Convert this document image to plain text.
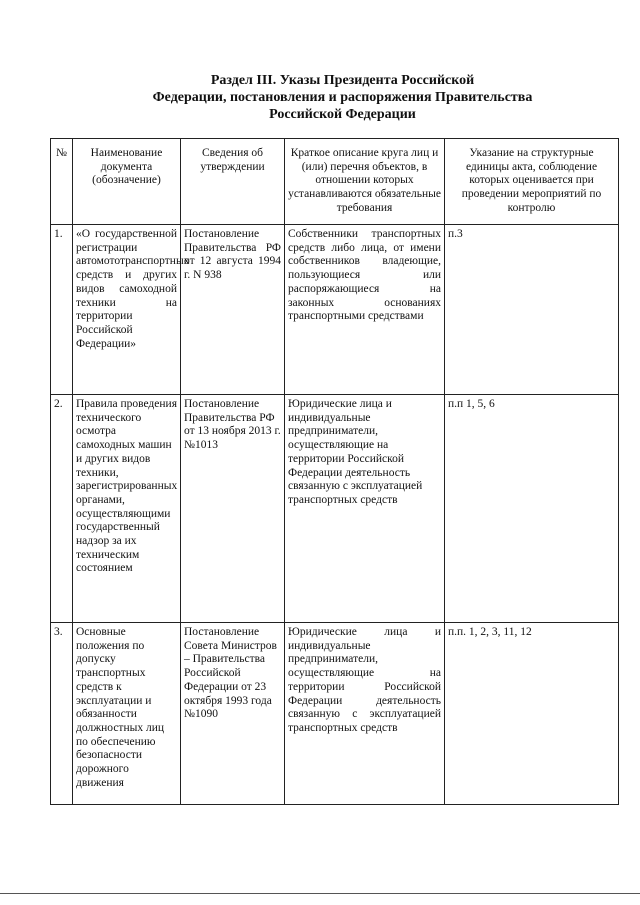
Раздел III. Указы Президента Российской
Федерации, постановления и распоряжения Правительства
Российской Федерации
№	Наименование документа (обозначение)	Сведения об утверждении	Краткое описание круга лиц и (или) перечня объектов, в отношении которых устанавливаются обязательные требования	Указание на структурные единицы акта, соблюдение которых оценивается при проведении мероприятий по контролю
1.	«О государственной регистрации автомототранспортных средств и других видов самоходной техники на территории Российской Федерации»	Постановление Правительства РФ от 12 августа 1994 г. N 938	Собственники транспортных средств либо лица, от имени собственников владеющие, пользующиеся или распоряжающиеся на законных основаниях транспортными средствами	п.3
2.	Правила проведения технического осмотра самоходных машин и других видов техники, зарегистрированных органами, осуществляющими государственный надзор за их техническим состоянием	Постановление Правительства РФ от 13 ноября 2013 г. №1013	Юридические лица и индивидуальные предприниматели, осуществляющие на территории Российской Федерации деятельность связанную с эксплуатацией транспортных средств	п.п 1, 5, 6
3.	Основные положения по допуску транспортных средств к эксплуатации и обязанности должностных лиц по обеспечению безопасности дорожного движения	Постановление Совета Министров – Правительства Российской Федерации от 23 октября 1993 года №1090	Юридические лица и индивидуальные предприниматели, осуществляющие на территории Российской Федерации деятельность связанную с эксплуатацией транспортных средств	п.п. 1, 2, 3, 11, 12
